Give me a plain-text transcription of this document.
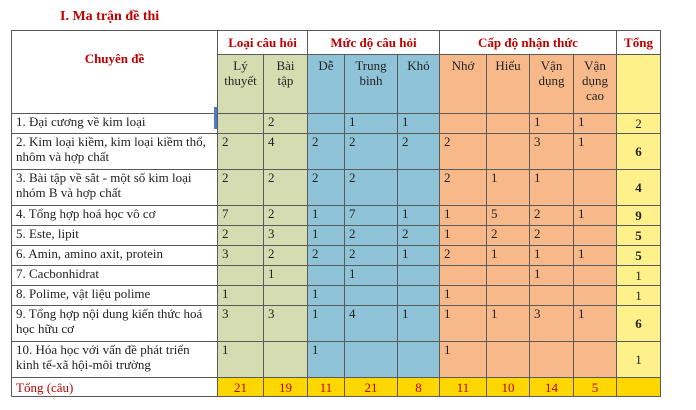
I. Ma trận đề thi
Chuyên đề	Loại câu hỏi		Mức độ câu hỏi			Cấp độ nhận thức				Tổng
	Lý thuyết	Bài tập	Dễ	Trung bình	Khó	Nhớ	Hiểu	Vận dụng	Vận dụng cao	
1. Đại cương về kim loại		2		1	1			1	1	2
2. Kim loại kiềm, kim loại kiềm thổ, nhôm và hợp chất	2	4	2	2	2	2		3	1	6
3. Bài tập về sắt - một số kim loại nhóm B và hợp chất	2	2	2	2		2	1	1		4
4. Tổng hợp hoá học vô cơ	7	2	1	7	1	1	5	2	1	9
5. Este, lipit	2	3	1	2	2	1	2	2		5
6. Amin, amino axit, protein	3	2	2	2	1	2	1	1	1	5
7. Cacbonhidrat		1		1				1		1
8. Polime, vật liệu polime	1		1			1				1
9. Tổng hợp nội dung kiến thức hoá học hữu cơ	3	3	1	4	1	1	1	3	1	6
10. Hóa học với vấn đề phát triển kinh tế-xã hội-môi trường	1		1			1				1
Tổng (câu)	21	19	11	21	8	11	10	14	5	
